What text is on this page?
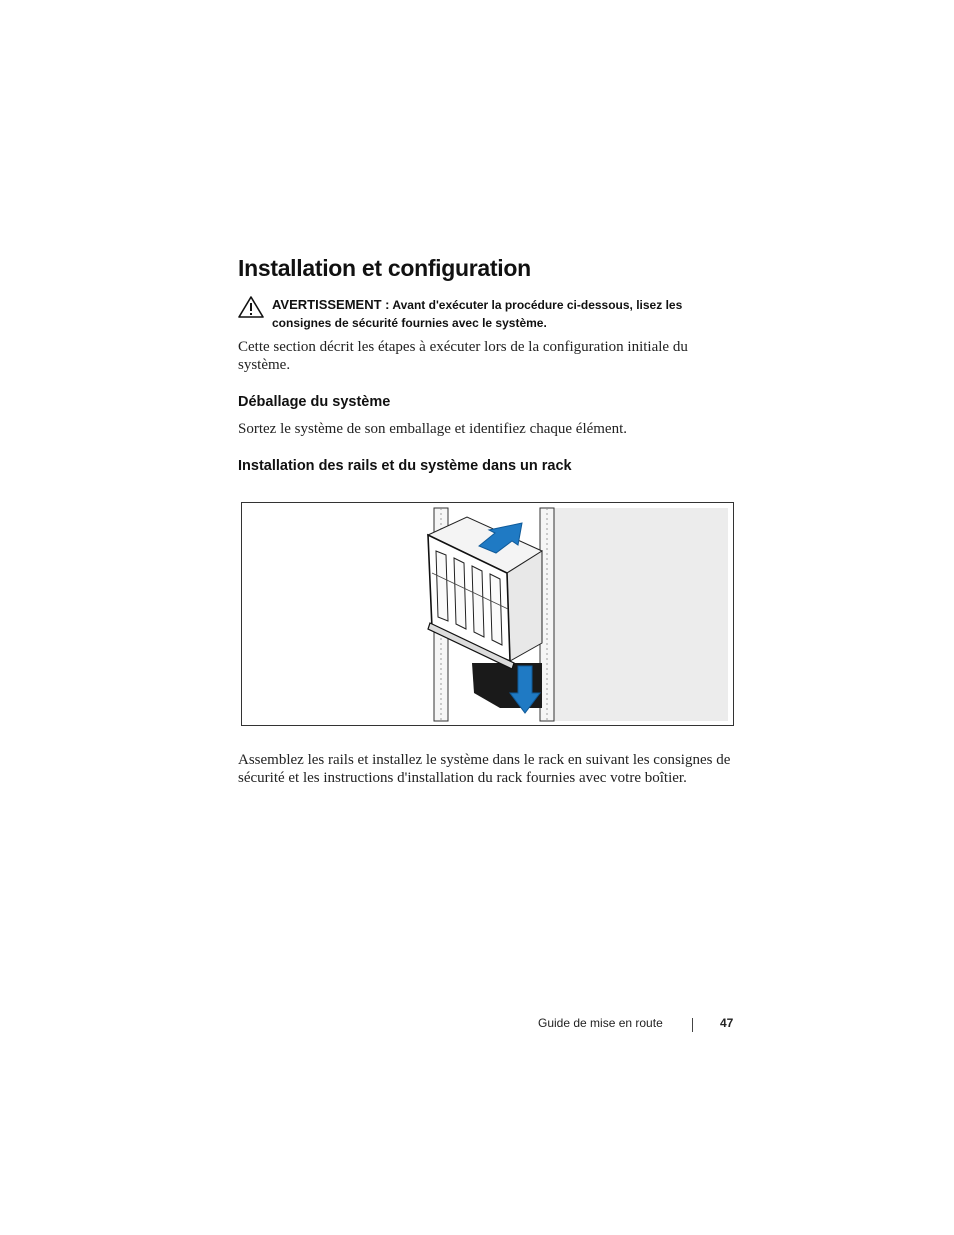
Installation et configuration
AVERTISSEMENT : Avant d'exécuter la procédure ci-dessous, lisez les consignes de sécurité fournies avec le système.
Cette section décrit les étapes à exécuter lors de la configuration initiale du système.
Déballage du système
Sortez le système de son emballage et identifiez chaque élément.
Installation des rails et du système dans un rack
Assemblez les rails et installez le système dans le rack en suivant les consignes de sécurité et les instructions d'installation du rack fournies avec votre boîtier.
Guide de mise en route	47
